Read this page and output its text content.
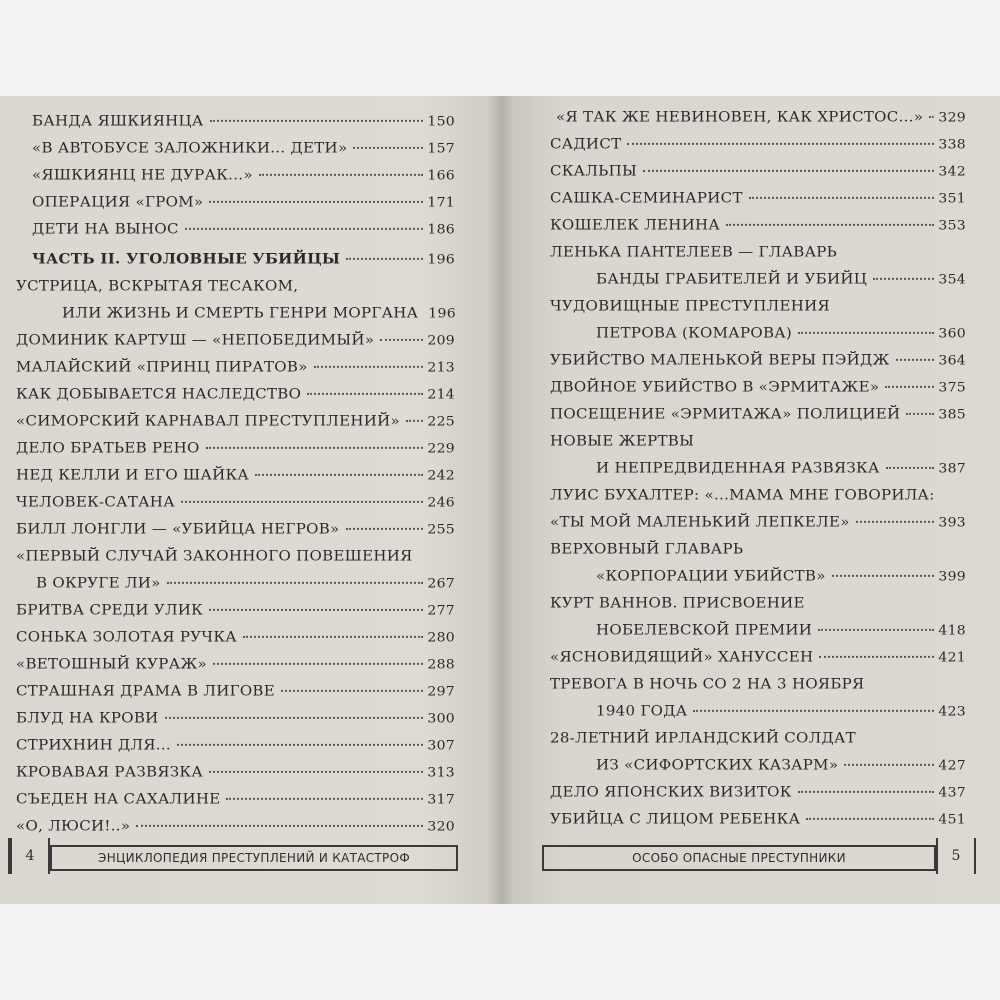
БАНДА ЯШКИЯНЦА	150
«В АВТОБУСЕ ЗАЛОЖНИКИ... ДЕТИ»	157
«ЯШКИЯНЦ НЕ ДУРАК...»	166
ОПЕРАЦИЯ «ГРОМ»	171
ДЕТИ НА ВЫНОС	186
ЧАСТЬ II. УГОЛОВНЫЕ УБИЙЦЫ	196
УСТРИЦА, ВСКРЫТАЯ ТЕСАКОМ,
ИЛИ ЖИЗНЬ И СМЕРТЬ ГЕНРИ МОРГАНА 196
ДОМИНИК КАРТУШ — «НЕПОБЕДИМЫЙ»	209
МАЛАЙСКИЙ «ПРИНЦ ПИРАТОВ»	213
КАК ДОБЫВАЕТСЯ НАСЛЕДСТВО	214
«СИМОРСКИЙ КАРНАВАЛ ПРЕСТУПЛЕНИЙ» 225
ДЕЛО БРАТЬЕВ РЕНО	229
НЕД КЕЛЛИ И ЕГО ШАЙКА	242
ЧЕЛОВЕК-САТАНА	246
БИЛЛ ЛОНГЛИ — «УБИЙЦА НЕГРОВ»	255
«ПЕРВЫЙ СЛУЧАЙ ЗАКОННОГО ПОВЕШЕНИЯ
В ОКРУГЕ ЛИ»	267
БРИТВА СРЕДИ УЛИК	277
СОНЬКА ЗОЛОТАЯ РУЧКА	280
«ВЕТОШНЫЙ КУРАЖ»	288
СТРАШНАЯ ДРАМА В ЛИГОВЕ	297
БЛУД НА КРОВИ	300
СТРИХНИН ДЛЯ...	307
КРОВАВАЯ РАЗВЯЗКА	313
СЪЕДЕН НА САХАЛИНЕ	317
«О, ЛЮСИ!..»	320
«Я ТАК ЖЕ НЕВИНОВЕН, КАК ХРИСТОС...» 329
САДИСТ	338
СКАЛЬПЫ	342
САШКА-СЕМИНАРИСТ	351
КОШЕЛЕК ЛЕНИНА	353
ЛЕНЬКА ПАНТЕЛЕЕВ — ГЛАВАРЬ
БАНДЫ ГРАБИТЕЛЕЙ И УБИЙЦ	354
ЧУДОВИЩНЫЕ ПРЕСТУПЛЕНИЯ
ПЕТРОВА (КОМАРОВА)	360
УБИЙСТВО МАЛЕНЬКОЙ ВЕРЫ ПЭЙДЖ	364
ДВОЙНОЕ УБИЙСТВО В «ЭРМИТАЖЕ»	375
ПОСЕЩЕНИЕ «ЭРМИТАЖА» ПОЛИЦИЕЙ	385
НОВЫЕ ЖЕРТВЫ
И НЕПРЕДВИДЕННАЯ РАЗВЯЗКА	387
ЛУИС БУХАЛТЕР: «...МАМА МНЕ ГОВОРИЛА:
«ТЫ МОЙ МАЛЕНЬКИЙ ЛЕПКЕЛЕ»	393
ВЕРХОВНЫЙ ГЛАВАРЬ
«КОРПОРАЦИИ УБИЙСТВ»	399
КУРТ ВАННОВ. ПРИСВОЕНИЕ
НОБЕЛЕВСКОЙ ПРЕМИИ	418
«ЯСНОВИДЯЩИЙ» ХАНУССЕН	421
ТРЕВОГА В НОЧЬ СО 2 НА 3 НОЯБРЯ
1940 ГОДА	423
28-ЛЕТНИЙ ИРЛАНДСКИЙ СОЛДАТ
ИЗ «СИФОРТСКИХ КАЗАРМ»	427
ДЕЛО ЯПОНСКИХ ВИЗИТОК	437
УБИЙЦА С ЛИЦОМ РЕБЕНКА	451
4	ЭНЦИКЛОПЕДИЯ ПРЕСТУПЛЕНИЙ И КАТАСТРОФ	ОСОБО ОПАСНЫЕ ПРЕСТУПНИКИ	5
